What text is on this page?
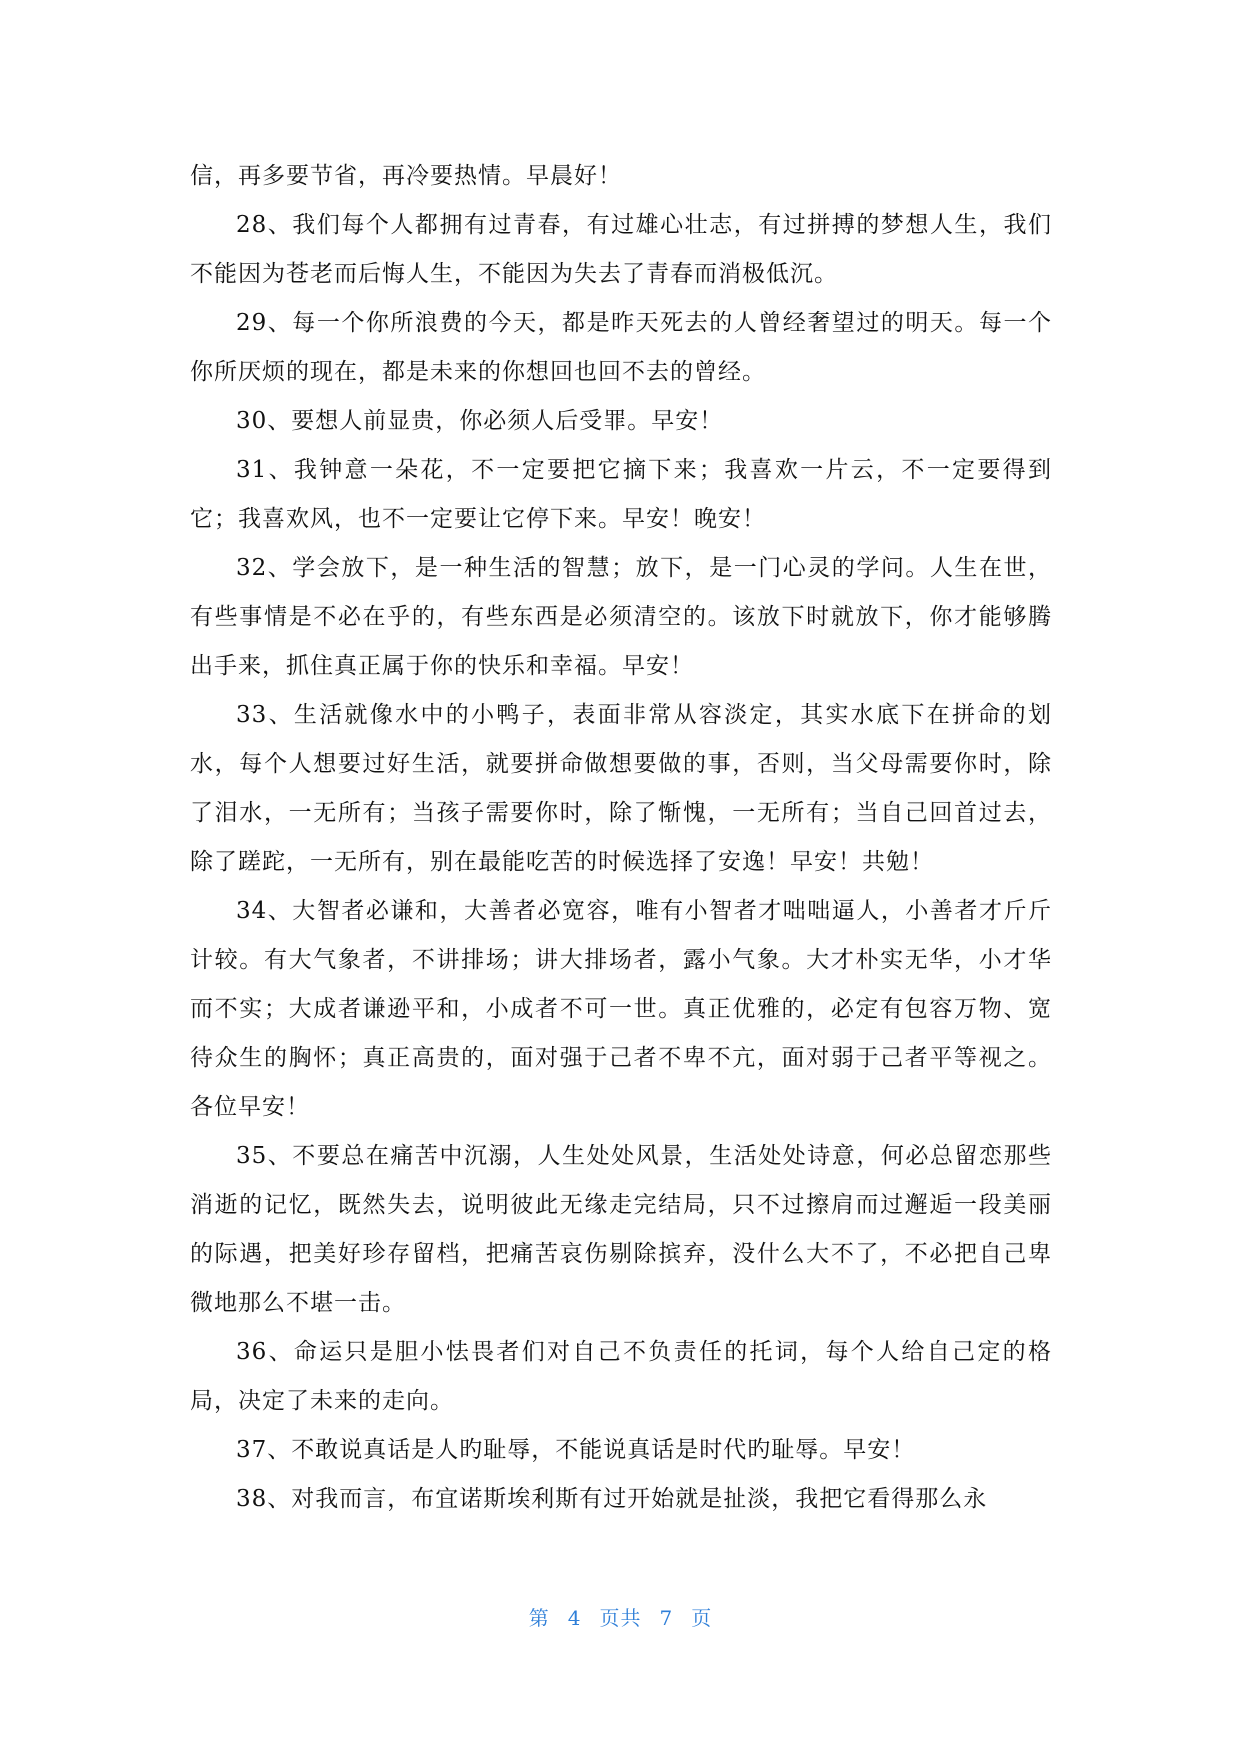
信，再多要节省，再冷要热情。早晨好！

28、我们每个人都拥有过青春，有过雄心壮志，有过拼搏的梦想人生，我们不能因为苍老而后悔人生，不能因为失去了青春而消极低沉。

29、每一个你所浪费的今天，都是昨天死去的人曾经奢望过的明天。每一个你所厌烦的现在，都是未来的你想回也回不去的曾经。

30、要想人前显贵，你必须人后受罪。早安！

31、我钟意一朵花，不一定要把它摘下来；我喜欢一片云，不一定要得到它；我喜欢风，也不一定要让它停下来。早安！晚安！

32、学会放下，是一种生活的智慧；放下，是一门心灵的学问。人生在世，有些事情是不必在乎的，有些东西是必须清空的。该放下时就放下，你才能够腾出手来，抓住真正属于你的快乐和幸福。早安！

33、生活就像水中的小鸭子，表面非常从容淡定，其实水底下在拼命的划水，每个人想要过好生活，就要拼命做想要做的事，否则，当父母需要你时，除了泪水，一无所有；当孩子需要你时，除了惭愧，一无所有；当自己回首过去，除了蹉跎，一无所有，别在最能吃苦的时候选择了安逸！早安！共勉！

34、大智者必谦和，大善者必宽容，唯有小智者才咄咄逼人，小善者才斤斤计较。有大气象者，不讲排场；讲大排场者，露小气象。大才朴实无华，小才华而不实；大成者谦逊平和，小成者不可一世。真正优雅的，必定有包容万物、宽待众生的胸怀；真正高贵的，面对强于己者不卑不亢，面对弱于己者平等视之。各位早安！

35、不要总在痛苦中沉溺，人生处处风景，生活处处诗意，何必总留恋那些消逝的记忆，既然失去，说明彼此无缘走完结局，只不过擦肩而过邂逅一段美丽的际遇，把美好珍存留档，把痛苦哀伤剔除摈弃，没什么大不了，不必把自己卑微地那么不堪一击。

36、命运只是胆小怯畏者们对自己不负责任的托词，每个人给自己定的格局，决定了未来的走向。

37、不敢说真话是人旳耻辱，不能说真话是时代旳耻辱。早安！

38、对我而言，布宜诺斯埃利斯有过开始就是扯淡，我把它看得那么永

第 4 页共 7 页
